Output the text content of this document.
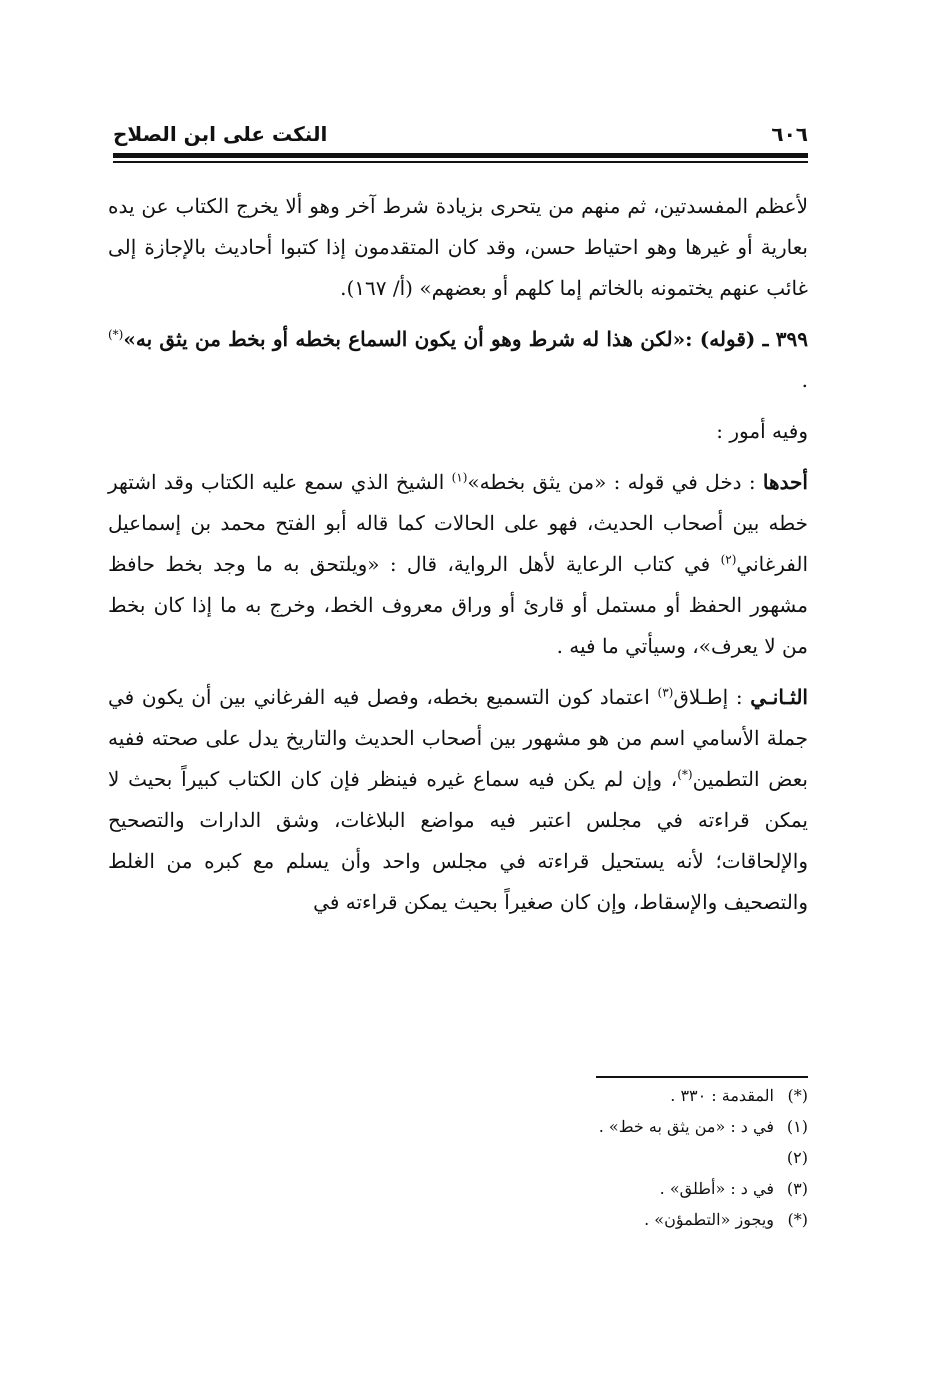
٦٠٦
النكت على ابن الصلاح

لأعظم المفسدتين، ثم منهم من يتحرى بزيادة شرط آخر وهو ألا يخرج الكتاب عن يده بعارية أو غيرها وهو احتياط حسن، وقد كان المتقدمون إذا كتبوا أحاديث بالإجازة إلى غائب عنهم يختمونه بالخاتم إما كلهم أو بعضهم» (أ/ ١٦٧).

٣٩٩ ـ (قوله) :«لكن هذا له شرط وهو أن يكون السماع بخطه أو بخط من يثق به»(*) .

وفيه أمور :

أحدها : دخل في قوله : «من يثق بخطه»$^{(١)}$ الشيخ الذي سمع عليه الكتاب وقد اشتهر خطه بين أصحاب الحديث، فهو على الحالات كما قاله أبو الفتح محمد بن إسماعيل الفرغاني$^{(٢)}$ في كتاب الرعاية لأهل الرواية، قال : «ويلتحق به ما وجد بخط حافظ مشهور الحفظ أو مستمل أو قارئ أو وراق معروف الخط، وخرج به ما إذا كان بخط من لا يعرف»، وسيأتي ما فيه .

الثـانـي : إطـلاق$^{(٣)}$ اعتماد كون التسميع بخطه، وفصل فيه الفرغاني بين أن يكون في جملة الأسامي اسم من هو مشهور بين أصحاب الحديث والتاريخ يدل على صحته ففيه بعض التطمين(*)، وإن لم يكن فيه سماع غيره فينظر فإن كان الكتاب كبيراً بحيث لا يمكن قراءته في مجلس اعتبر فيه مواضع البلاغات، وشق الدارات والتصحيح والإلحاقات؛ لأنه يستحيل قراءته في مجلس واحد وأن يسلم مع كبره من الغلط والتصحيف والإسقاط، وإن كان صغيراً بحيث يمكن قراءته في

(*)المقدمة : ٣٣٠ .
(١)في د : «من يثق به خط» .
(٢)
(٣)في د : «أطلق» .
(*)ويجوز «التطمؤن» .
